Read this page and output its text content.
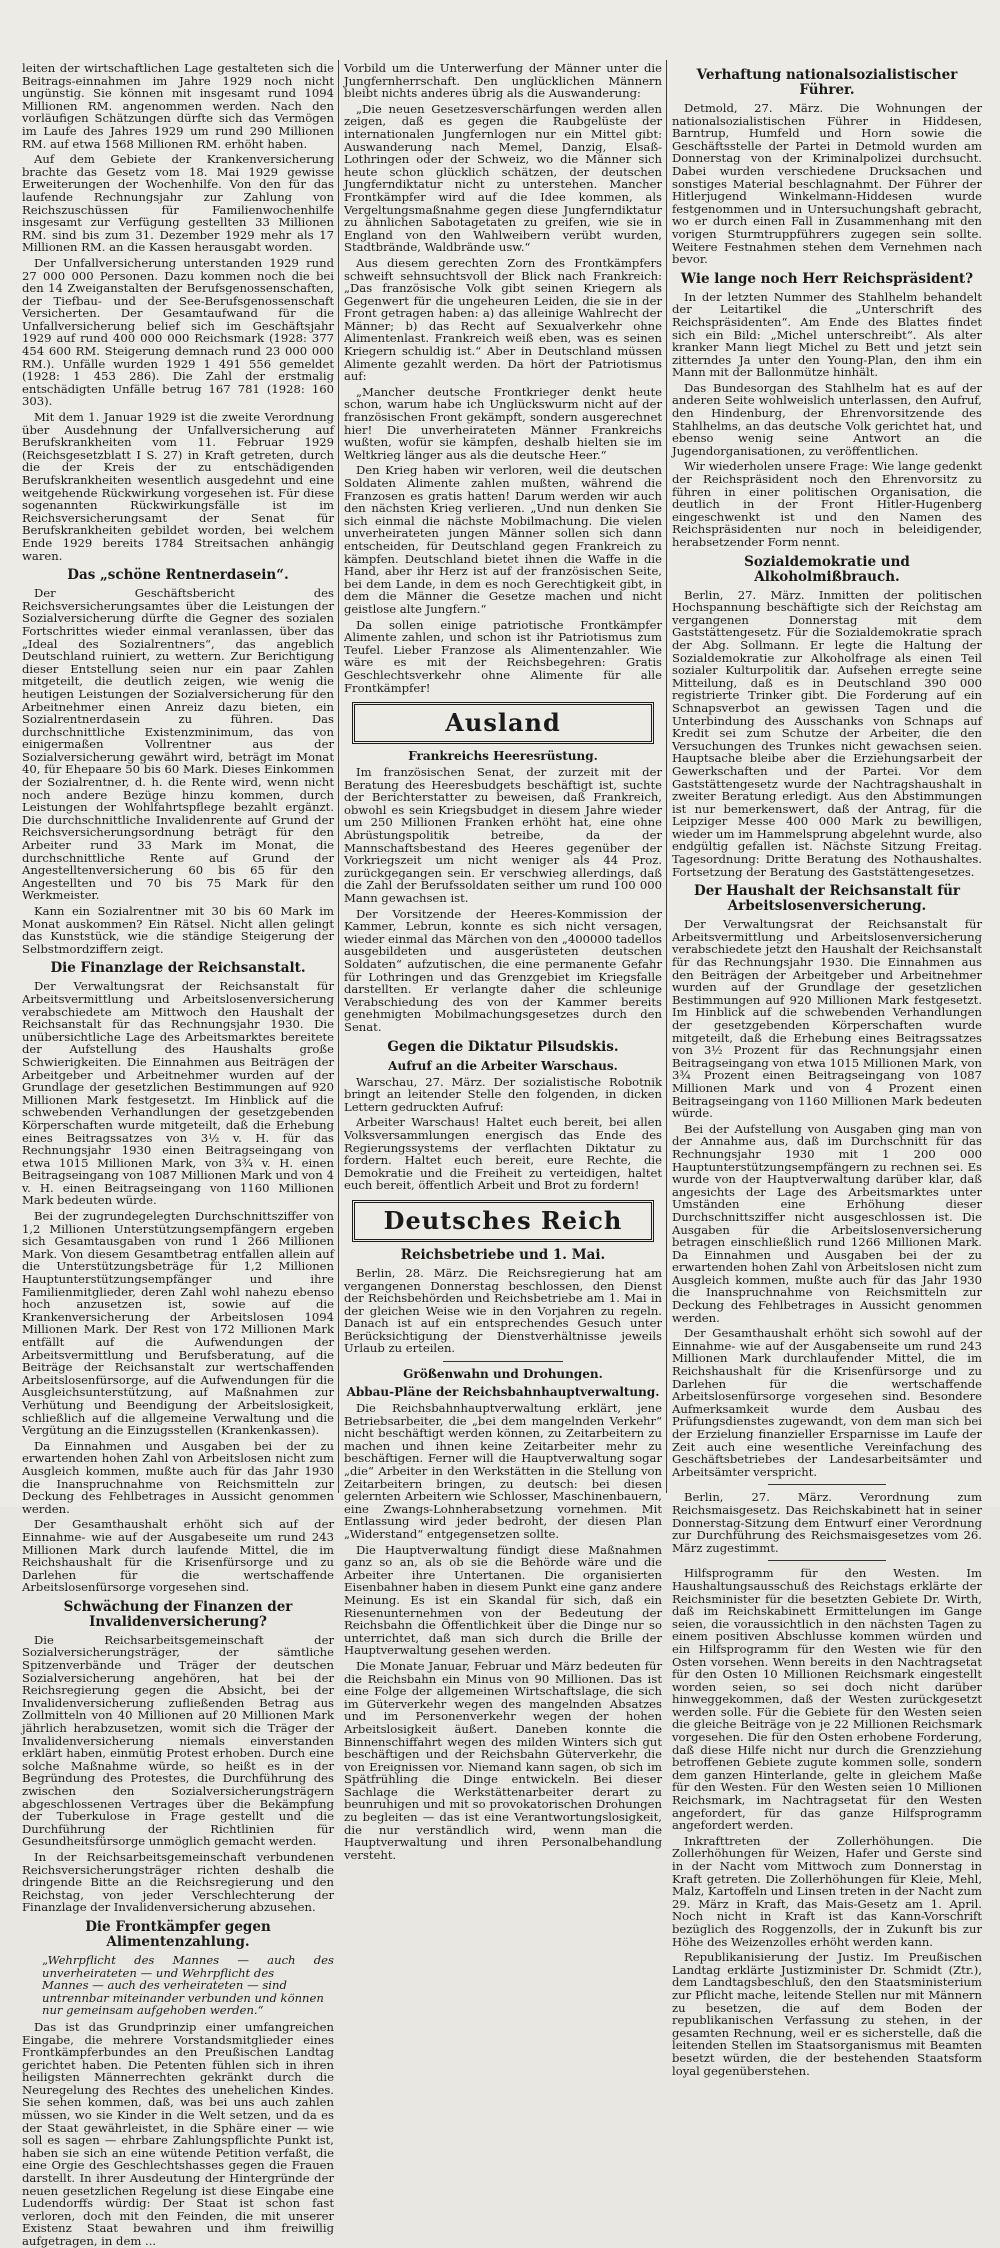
leiten der wirtschaftlichen Lage gestalteten sich die Beitrags-einnahmen im Jahre 1929 noch nicht ungünstig. Sie können mit insgesamt rund 1094 Millionen RM. angenommen werden. Nach den vorläufigen Schätzungen dürfte sich das Vermögen im Laufe des Jahres 1929 um rund 290 Millionen RM. auf etwa 1568 Millionen RM. erhöht haben.

Auf dem Gebiete der Krankenversicherung brachte das Gesetz vom 18. Mai 1929 gewisse Erweiterungen der Wochenhilfe. Von den für das laufende Rechnungsjahr zur Zahlung von Reichszuschüssen für Familienwochenhilfe insgesamt zur Verfügung gestellten 33 Millionen RM. sind bis zum 31. Dezember 1929 mehr als 17 Millionen RM. an die Kassen herausgabt worden.

Der Unfallversicherung unterstanden 1929 rund 27 000 000 Personen. Dazu kommen noch die bei den 14 Zweiganstalten der Berufsgenossenschaften, der Tiefbau- und der See-Berufsgenossenschaft Versicherten. Der Gesamtaufwand für die Unfallversicherung belief sich im Geschäftsjahr 1929 auf rund 400 000 000 Reichsmark (1928: 377 454 600 RM. Steigerung demnach rund 23 000 000 RM.). Unfälle wurden 1929 1 491 556 gemeldet (1928: 1 453 286). Die Zahl der erstmalig entschädigten Unfälle betrug 167 781 (1928: 160 303).

Mit dem 1. Januar 1929 ist die zweite Verordnung über Ausdehnung der Unfallversicherung auf Berufskrankheiten vom 11. Februar 1929 (Reichsgesetzblatt I S. 27) in Kraft getreten, durch die der Kreis der zu entschädigenden Berufskrankheiten wesentlich ausgedehnt und eine weitgehende Rückwirkung vorgesehen ist. Für diese sogenannten Rückwirkungsfälle ist im Reichsversicherungsamt der Senat für Berufskrankheiten gebildet worden, bei welchem Ende 1929 bereits 1784 Streitsachen anhängig waren.

Das „schöne Rentnerdasein“.

Der Geschäftsbericht des Reichsversicherungsamtes über die Leistungen der Sozialversicherung dürfte die Gegner des sozialen Fortschrittes wieder einmal veranlassen, über das „Ideal des Sozialrentners“, das angeblich Deutschland ruiniert, zu wettern. Zur Berichtigung dieser Entstellung seien nur ein paar Zahlen mitgeteilt, die deutlich zeigen, wie wenig die heutigen Leistungen der Sozialversicherung für den Arbeitnehmer einen Anreiz dazu bieten, ein Sozialrentnerdasein zu führen. Das durchschnittliche Existenzminimum, das von einigermaßen Vollrentner aus der Sozialversicherung gewährt wird, beträgt im Monat 40, für Ehepaare 50 bis 60 Mark. Dieses Einkommen der Sozialrentner, d. h. die Rente wird, wenn nicht noch andere Bezüge hinzu kommen, durch Leistungen der Wohlfahrtspflege bezahlt ergänzt. Die durchschnittliche Invalidenrente auf Grund der Reichsversicherungsordnung beträgt für den Arbeiter rund 33 Mark im Monat, die durchschnittliche Rente auf Grund der Angestelltenversicherung 60 bis 65 für den Angestellten und 70 bis 75 Mark für den Werkmeister.

Kann ein Sozialrentner mit 30 bis 60 Mark im Monat auskommen? Ein Rätsel. Nicht allen gelingt das Kunststück, wie die ständige Steigerung der Selbstmordziffern zeigt.

Die Finanzlage der Reichsanstalt.

Der Verwaltungsrat der Reichsanstalt für Arbeitsvermittlung und Arbeitslosenversicherung verabschiedete am Mittwoch den Haushalt der Reichsanstalt für das Rechnungsjahr 1930. Die unübersichtliche Lage des Arbeitsmarktes bereitete der Aufstellung des Haushalts große Schwierigkeiten. Die Einnahmen aus Beiträgen der Arbeitgeber und Arbeitnehmer wurden auf der Grundlage der gesetzlichen Bestimmungen auf 920 Millionen Mark festgesetzt. Im Hinblick auf die schwebenden Verhandlungen der gesetzgebenden Körperschaften wurde mitgeteilt, daß die Erhebung eines Beitragssatzes von 3½ v. H. für das Rechnungsjahr 1930 einen Beitragseingang von etwa 1015 Millionen Mark, von 3¾ v. H. einen Beitragseingang von 1087 Millionen Mark und von 4 v. H. einen Beitragseingang von 1160 Millionen Mark bedeuten würde.

Bei der zugrundegelegten Durchschnittsziffer von 1,2 Millionen Unterstützungsempfängern ergeben sich Gesamtausgaben von rund 1 266 Millionen Mark. Von diesem Gesamtbetrag entfallen allein auf die Unterstützungsbeträge für 1,2 Millionen Hauptunterstützungsempfänger und ihre Familienmitglieder, deren Zahl wohl nahezu ebenso hoch anzusetzen ist, sowie auf die Krankenversicherung der Arbeitslosen 1094 Millionen Mark. Der Rest von 172 Millionen Mark entfällt auf die Aufwendungen der Arbeitsvermittlung und Berufsberatung, auf die Beiträge der Reichsanstalt zur wertschaffenden Arbeitslosenfürsorge, auf die Aufwendungen für die Ausgleichsunterstützung, auf Maßnahmen zur Verhütung und Beendigung der Arbeitslosigkeit, schließlich auf die allgemeine Verwaltung und die Vergütung an die Einzugsstellen (Krankenkassen).

Da Einnahmen und Ausgaben bei der zu erwartenden hohen Zahl von Arbeitslosen nicht zum Ausgleich kommen, mußte auch für das Jahr 1930 die Inanspruchnahme von Reichsmitteln zur Deckung des Fehlbetrages in Aussicht genommen werden.

Der Gesamthaushalt erhöht sich auf der Einnahme- wie auf der Ausgabeseite um rund 243 Millionen Mark durch laufende Mittel, die im Reichshaushalt für die Krisenfürsorge und zu Darlehen für die wertschaffende Arbeitslosenfürsorge vorgesehen sind.

Schwächung der Finanzen der Invalidenversicherung?

Die Reichsarbeitsgemeinschaft der Sozialversicherungsträger, der sämtliche Spitzenverbände und Träger der deutschen Sozialversicherung angehören, hat bei der Reichsregierung gegen die Absicht, bei der Invalidenversicherung zufließenden Betrag aus Zollmitteln von 40 Millionen auf 20 Millionen Mark jährlich herabzusetzen, womit sich die Träger der Invalidenversicherung niemals einverstanden erklärt haben, einmütig Protest erhoben. Durch eine solche Maßnahme würde, so heißt es in der Begründung des Protestes, die Durchführung des zwischen den Sozialversicherungsträgern abgeschlossenen Vertrages über die Bekämpfung der Tuberkulose in Frage gestellt und die Durchführung der Richtlinien für Gesundheitsfürsorge unmöglich gemacht werden.

In der Reichsarbeitsgemeinschaft verbundenen Reichsversicherungsträger richten deshalb die dringende Bitte an die Reichsregierung und den Reichstag, von jeder Verschlechterung der Finanzlage der Invalidenversicherung abzusehen.

Die Frontkämpfer gegen Alimentenzahlung.
„Wehrpflicht des Mannes — auch des unverheirateten — und Wehrpflicht des
Mannes — auch des verheirateten — sind
untrennbar miteinander verbunden und können
nur gemeinsam aufgehoben werden.“

Das ist das Grundprinzip einer umfangreichen Eingabe, die mehrere Vorstandsmitglieder eines Frontkämpferbundes an den Preußischen Landtag gerichtet haben. Die Petenten fühlen sich in ihren heiligsten Männerrechten gekränkt durch die Neuregelung des Rechtes des unehelichen Kindes. Sie sehen kommen, daß, was bei uns auch zahlen müssen, wo sie Kinder in die Welt setzen, und da es der Staat gewährleistet, in die Sphäre einer — wie soll es sagen — ehrbare Zahlungspflichte Punkt ist, haben sie sich an eine wütende Petition verfaßt, die eine Orgie des Geschlechtshasses gegen die Frauen darstellt. In ihrer Ausdeutung der Hintergründe der neuen gesetzlichen Regelung ist diese Eingabe eine Ludendorffs würdig: Der Staat ist schon fast verloren, doch mit den Feinden, die mit unserer Existenz Staat bewahren und ihm freiwillig aufgetragen, in dem ...

Vorbild um die Unterwerfung der Männer unter die Jungfernherrschaft. Den unglücklichen Männern bleibt nichts anderes übrig als die Auswanderung:

„Die neuen Gesetzesverschärfungen werden allen zeigen, daß es gegen die Raubgelüste der internationalen Jungfernlogen nur ein Mittel gibt: Auswanderung nach Memel, Danzig, Elsaß-Lothringen oder der Schweiz, wo die Männer sich heute schon glücklich schätzen, der deutschen Jungferndiktatur nicht zu unterstehen. Mancher Frontkämpfer wird auf die Idee kommen, als Vergeltungsmaßnahme gegen diese Jungferndiktatur zu ähnlichen Sabotagetaten zu greifen, wie sie in England von den Wahlweibern verübt wurden, Stadtbrände, Waldbrände usw.“

Aus diesem gerechten Zorn des Frontkämpfers schweift sehnsuchtsvoll der Blick nach Frankreich: „Das französische Volk gibt seinen Kriegern als Gegenwert für die ungeheuren Leiden, die sie in der Front getragen haben: a) das alleinige Wahlrecht der Männer; b) das Recht auf Sexualverkehr ohne Alimentenlast. Frankreich weiß eben, was es seinen Kriegern schuldig ist.“ Aber in Deutschland müssen Alimente gezahlt werden. Da hört der Patriotismus auf:

„Mancher deutsche Frontkrieger denkt heute schon, warum habe ich Unglückswurm nicht auf der französischen Front gekämpft, sondern ausgerechnet hier! Die unverheirateten Männer Frankreichs wußten, wofür sie kämpfen, deshalb hielten sie im Weltkrieg länger aus als die deutsche Heer.“

Den Krieg haben wir verloren, weil die deutschen Soldaten Alimente zahlen mußten, während die Franzosen es gratis hatten! Darum werden wir auch den nächsten Krieg verlieren. „Und nun denken Sie sich einmal die nächste Mobilmachung. Die vielen unverheirateten jungen Männer sollen sich dann entscheiden, für Deutschland gegen Frankreich zu kämpfen. Deutschland bietet ihnen die Waffe in die Hand, aber ihr Herz ist auf der französischen Seite, bei dem Lande, in dem es noch Gerechtigkeit gibt, in dem die Männer die Gesetze machen und nicht geistlose alte Jungfern.“

Da sollen einige patriotische Frontkämpfer Alimente zahlen, und schon ist ihr Patriotismus zum Teufel. Lieber Franzose als Alimentenzahler. Wie wäre es mit der Reichsbegehren: Gratis Geschlechtsverkehr ohne Alimente für alle Frontkämpfer!

Ausland
Frankreichs Heeresrüstung.

Im französischen Senat, der zurzeit mit der Beratung des Heeresbudgets beschäftigt ist, suchte der Berichterstatter zu beweisen, daß Frankreich, obwohl es sein Kriegsbudget in diesem Jahre wieder um 250 Millionen Franken erhöht hat, eine ohne Abrüstungspolitik betreibe, da der Mannschaftsbestand des Heeres gegenüber der Vorkriegszeit um nicht weniger als 44 Proz. zurückgegangen sein. Er verschwieg allerdings, daß die Zahl der Berufssoldaten seither um rund 100 000 Mann gewachsen ist.

Der Vorsitzende der Heeres-Kommission der Kammer, Lebrun, konnte es sich nicht versagen, wieder einmal das Märchen von den „400000 tadellos ausgebildeten und ausgerüsteten deutschen Soldaten“ aufzutischen, die eine permanente Gefahr für Lothringen und das Grenzgebiet im Kriegsfalle darstellten. Er verlangte daher die schleunige Verabschiedung des von der Kammer bereits genehmigten Mobilmachungsgesetzes durch den Senat.

Gegen die Diktatur Pilsudskis.
Aufruf an die Arbeiter Warschaus.

Warschau, 27. März. Der sozialistische Robotnik bringt an leitender Stelle den folgenden, in dicken Lettern gedruckten Aufruf:

Arbeiter Warschaus! Haltet euch bereit, bei allen Volksversammlungen energisch das Ende des Regierungssystems der verflachten Diktatur zu fordern. Haltet euch bereit, eure Rechte, die Demokratie und die Freiheit zu verteidigen, haltet euch bereit, öffentlich Arbeit und Brot zu fordern!

Deutsches Reich
Reichsbetriebe und 1. Mai.

Berlin, 28. März. Die Reichsregierung hat am vergangenen Donnerstag beschlossen, den Dienst der Reichsbehörden und Reichsbetriebe am 1. Mai in der gleichen Weise wie in den Vorjahren zu regeln. Danach ist auf ein entsprechendes Gesuch unter Berücksichtigung der Dienstverhältnisse jeweils Urlaub zu erteilen.

Größenwahn und Drohungen.
Abbau-Pläne der Reichsbahnhauptverwaltung.

Die Reichsbahnhauptverwaltung erklärt, jene Betriebsarbeiter, die „bei dem mangelnden Verkehr“ nicht beschäftigt werden können, zu Zeitarbeitern zu machen und ihnen keine Zeitarbeiter mehr zu beschäftigen. Ferner will die Hauptverwaltung sogar „die“ Arbeiter in den Werkstätten in die Stellung von Zeitarbeitern bringen, zu deutsch: bei diesen gelernten Arbeitern wie Schlosser, Maschinenbauern, eine Zwangs-Lohnherabsetzung vornehmen. Mit Entlassung wird jeder bedroht, der diesen Plan „Widerstand“ entgegensetzen sollte.

Die Hauptverwaltung fündigt diese Maßnahmen ganz so an, als ob sie die Behörde wäre und die Arbeiter ihre Untertanen. Die organisierten Eisenbahner haben in diesem Punkt eine ganz andere Meinung. Es ist ein Skandal für sich, daß ein Riesenunternehmen von der Bedeutung der Reichsbahn die Öffentlichkeit über die Dinge nur so unterrichtet, daß man sich durch die Brille der Hauptverwaltung gesehen werden.

Die Monate Januar, Februar und März bedeuten für die Reichsbahn ein Minus von 90 Millionen. Das ist eine Folge der allgemeinen Wirtschaftslage, die sich im Güterverkehr wegen des mangelnden Absatzes und im Personenverkehr wegen der hohen Arbeitslosigkeit äußert. Daneben konnte die Binnenschiffahrt wegen des milden Winters sich gut beschäftigen und der Reichsbahn Güterverkehr, die von Ereignissen vor. Niemand kann sagen, ob sich im Spätfrühling die Dinge entwickeln. Bei dieser Sachlage die Werkstättenarbeiter derart zu beunruhigen und mit so provokatorischen Drohungen zu begleiten — das ist eine Verantwortungslosigkeit, die nur verständlich wird, wenn man die Hauptverwaltung und ihren Personalbehandlung versteht.

Verhaftung nationalsozialistischer Führer.

Detmold, 27. März. Die Wohnungen der nationalsozialistischen Führer in Hiddesen, Barntrup, Humfeld und Horn sowie die Geschäftsstelle der Partei in Detmold wurden am Donnerstag von der Kriminalpolizei durchsucht. Dabei wurden verschiedene Drucksachen und sonstiges Material beschlagnahmt. Der Führer der Hitlerjugend Winkelmann-Hiddesen wurde festgenommen und in Untersuchungshaft gebracht, wo er durch einen Fall in Zusammenhang mit den vorigen Sturmtruppführers zugegen sein sollte. Weitere Festnahmen stehen dem Vernehmen nach bevor.

Wie lange noch Herr Reichspräsident?

In der letzten Nummer des Stahlhelm behandelt der Leitartikel die „Unterschrift des Reichspräsidenten“. Am Ende des Blattes findet sich ein Bild: „Michel unterschreibt“. Als alter kranker Mann liegt Michel zu Bett und jetzt sein zitterndes Ja unter den Young-Plan, den ihm ein Mann mit der Ballonmütze hinhält.

Das Bundesorgan des Stahlhelm hat es auf der anderen Seite wohlweislich unterlassen, den Aufruf, den Hindenburg, der Ehrenvorsitzende des Stahlhelms, an das deutsche Volk gerichtet hat, und ebenso wenig seine Antwort an die Jugendorganisationen, zu veröffentlichen.

Wir wiederholen unsere Frage: Wie lange gedenkt der Reichspräsident noch den Ehrenvorsitz zu führen in einer politischen Organisation, die deutlich in der Front Hitler-Hugenberg eingeschwenkt ist und den Namen des Reichspräsidenten nur noch in beleidigender, herabsetzender Form nennt.

Sozialdemokratie und Alkoholmißbrauch.

Berlin, 27. März. Inmitten der politischen Hochspannung beschäftigte sich der Reichstag am vergangenen Donnerstag mit dem Gaststättengesetz. Für die Sozialdemokratie sprach der Abg. Sollmann. Er legte die Haltung der Sozialdemokratie zur Alkoholfrage als einen Teil sozialer Kulturpolitik dar. Aufsehen erregte seine Mitteilung, daß es in Deutschland 390 000 registrierte Trinker gibt. Die Forderung auf ein Schnapsverbot an gewissen Tagen und die Unterbindung des Ausschanks von Schnaps auf Kredit sei zum Schutze der Arbeiter, die den Versuchungen des Trunkes nicht gewachsen seien. Hauptsache bleibe aber die Erziehungsarbeit der Gewerkschaften und der Partei. Vor dem Gaststättengesetz wurde der Nachtragshaushalt in zweiter Beratung erledigt. Aus den Abstimmungen ist nur bemerkenswert, daß der Antrag, für die Leipziger Messe 400 000 Mark zu bewilligen, wieder um im Hammelsprung abgelehnt wurde, also endgültig gefallen ist. Nächste Sitzung Freitag. Tagesordnung: Dritte Beratung des Nothaushaltes. Fortsetzung der Beratung des Gaststättengesetzes.

Der Haushalt der Reichsanstalt für Arbeitslosenversicherung.

Der Verwaltungsrat der Reichsanstalt für Arbeitsvermittlung und Arbeitslosenversicherung verabschiedete jetzt den Haushalt der Reichsanstalt für das Rechnungsjahr 1930. Die Einnahmen aus den Beiträgen der Arbeitgeber und Arbeitnehmer wurden auf der Grundlage der gesetzlichen Bestimmungen auf 920 Millionen Mark festgesetzt. Im Hinblick auf die schwebenden Verhandlungen der gesetzgebenden Körperschaften wurde mitgeteilt, daß die Erhebung eines Beitragssatzes von 3½ Prozent für das Rechnungsjahr einen Beitragseingang von etwa 1015 Millionen Mark, von 3¾ Prozent einen Beitragseingang von 1087 Millionen Mark und von 4 Prozent einen Beitragseingang von 1160 Millionen Mark bedeuten würde.

Bei der Aufstellung von Ausgaben ging man von der Annahme aus, daß im Durchschnitt für das Rechnungsjahr 1930 mit 1 200 000 Hauptunterstützungsempfängern zu rechnen sei. Es wurde von der Hauptverwaltung darüber klar, daß angesichts der Lage des Arbeitsmarktes unter Umständen eine Erhöhung dieser Durchschnittsziffer nicht ausgeschlossen ist. Die Ausgaben für die Arbeitslosenversicherung betragen einschließlich rund 1266 Millionen Mark. Da Einnahmen und Ausgaben bei der zu erwartenden hohen Zahl von Arbeitslosen nicht zum Ausgleich kommen, mußte auch für das Jahr 1930 die Inanspruchnahme von Reichsmitteln zur Deckung des Fehlbetrages in Aussicht genommen werden.

Der Gesamthaushalt erhöht sich sowohl auf der Einnahme- wie auf der Ausgabenseite um rund 243 Millionen Mark durchlaufender Mittel, die im Reichshaushalt für die Krisenfürsorge und zu Darlehen für die wertschaffende Arbeitslosenfürsorge vorgesehen sind. Besondere Aufmerksamkeit wurde dem Ausbau des Prüfungsdienstes zugewandt, von dem man sich bei der Erzielung finanzieller Ersparnisse im Laufe der Zeit auch eine wesentliche Vereinfachung des Geschäftsbetriebes der Landesarbeitsämter und Arbeitsämter verspricht.

Berlin, 27. März. Verordnung zum Reichsmaisgesetz. Das Reichskabinett hat in seiner Donnerstag-Sitzung dem Entwurf einer Verordnung zur Durchführung des Reichsmaisgesetzes vom 26. März zugestimmt.

Hilfsprogramm für den Westen. Im Haushaltungsausschuß des Reichstags erklärte der Reichsminister für die besetzten Gebiete Dr. Wirth, daß im Reichskabinett Ermittelungen im Gange seien, die voraussichtlich in den nächsten Tagen zu einem positiven Abschlusse kommen würden und ein Hilfsprogramm für den Westen wie für den Osten vorsehen. Wenn bereits in den Nachtragsetat für den Osten 10 Millionen Reichsmark eingestellt worden seien, so sei doch nicht darüber hinweggekommen, daß der Westen zurückgesetzt werden solle. Für die Gebiete für den Westen seien die gleiche Beiträge von je 22 Millionen Reichsmark vorgesehen. Die für den Osten erhobene Forderung, daß diese Hilfe nicht nur durch die Grenzziehung betroffenen Gebiete zugute kommen solle, sondern dem ganzen Hinterlande, gelte in gleichem Maße für den Westen. Für den Westen seien 10 Millionen Reichsmark, im Nachtragsetat für den Westen angefordert, für das ganze Hilfsprogramm angefordert werden.

Inkrafttreten der Zollerhöhungen. Die Zollerhöhungen für Weizen, Hafer und Gerste sind in der Nacht vom Mittwoch zum Donnerstag in Kraft getreten. Die Zollerhöhungen für Kleie, Mehl, Malz, Kartoffeln und Linsen treten in der Nacht zum 29. März in Kraft, das Mais-Gesetz am 1. April. Noch nicht in Kraft ist das Kann-Vorschrift bezüglich des Roggenzolls, der in Zukunft bis zur Höhe des Weizenzolles erhöht werden kann.

Republikanisierung der Justiz. Im Preußischen Landtag erklärte Justizminister Dr. Schmidt (Ztr.), dem Landtagsbeschluß, den den Staatsministerium zur Pflicht mache, leitende Stellen nur mit Männern zu besetzen, die auf dem Boden der republikanischen Verfassung zu stehen, in der gesamten Rechnung, weil er es sicherstelle, daß die leitenden Stellen im Staatsorganismus mit Beamten besetzt würden, die der bestehenden Staatsform loyal gegenüberstehen.
